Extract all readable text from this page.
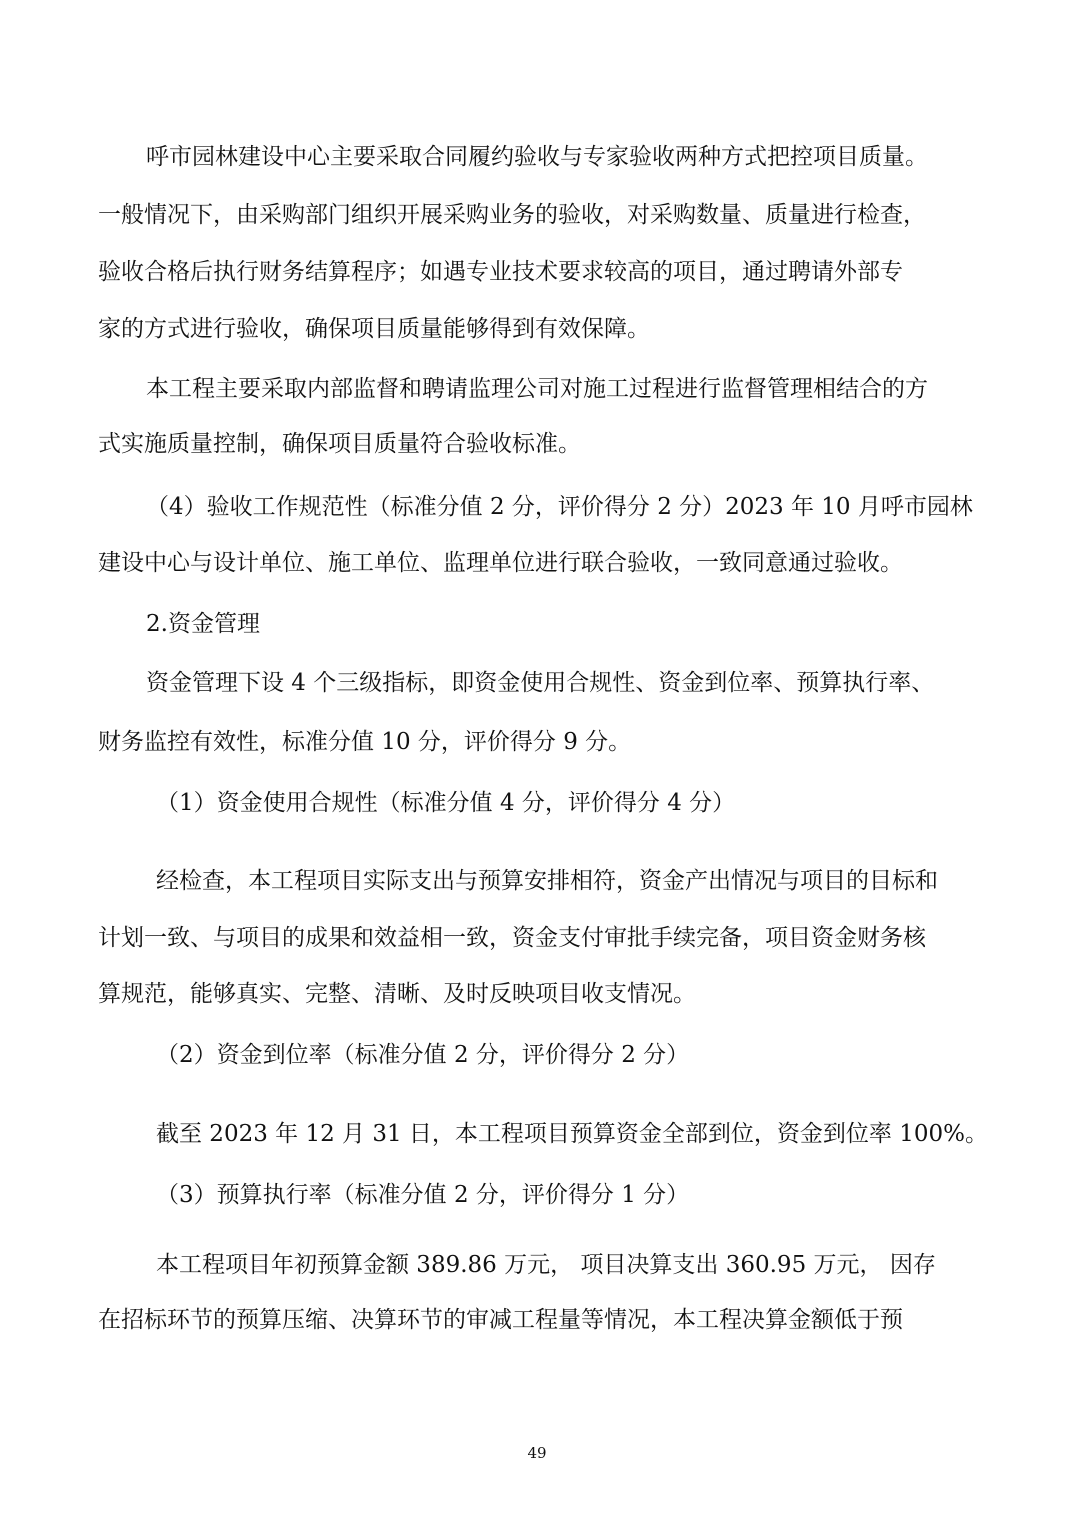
呼市园林建设中心主要采取合同履约验收与专家验收两种方式把控项目质量。
一般情况下，由采购部门组织开展采购业务的验收，对采购数量、质量进行检查，
验收合格后执行财务结算程序；如遇专业技术要求较高的项目，通过聘请外部专
家的方式进行验收，确保项目质量能够得到有效保障。
本工程主要采取内部监督和聘请监理公司对施工过程进行监督管理相结合的方
式实施质量控制，确保项目质量符合验收标准。
（4）验收工作规范性（标准分值 2 分，评价得分 2 分）2023 年 10 月呼市园林
建设中心与设计单位、施工单位、监理单位进行联合验收，一致同意通过验收。
2.资金管理
资金管理下设 4 个三级指标，即资金使用合规性、资金到位率、预算执行率、
财务监控有效性，标准分值 10 分，评价得分 9 分。
（1）资金使用合规性（标准分值 4 分，评价得分 4 分）
经检查，本工程项目实际支出与预算安排相符，资金产出情况与项目的目标和
计划一致、与项目的成果和效益相一致，资金支付审批手续完备，项目资金财务核
算规范，能够真实、完整、清晰、及时反映项目收支情况。
（2）资金到位率（标准分值 2 分，评价得分 2 分）
截至 2023 年 12 月 31 日，本工程项目预算资金全部到位，资金到位率 100%。
（3）预算执行率（标准分值 2 分，评价得分 1 分）
本工程项目年初预算金额 389.86 万元， 项目决算支出 360.95 万元， 因存
在招标环节的预算压缩、决算环节的审减工程量等情况，本工程决算金额低于预
49
